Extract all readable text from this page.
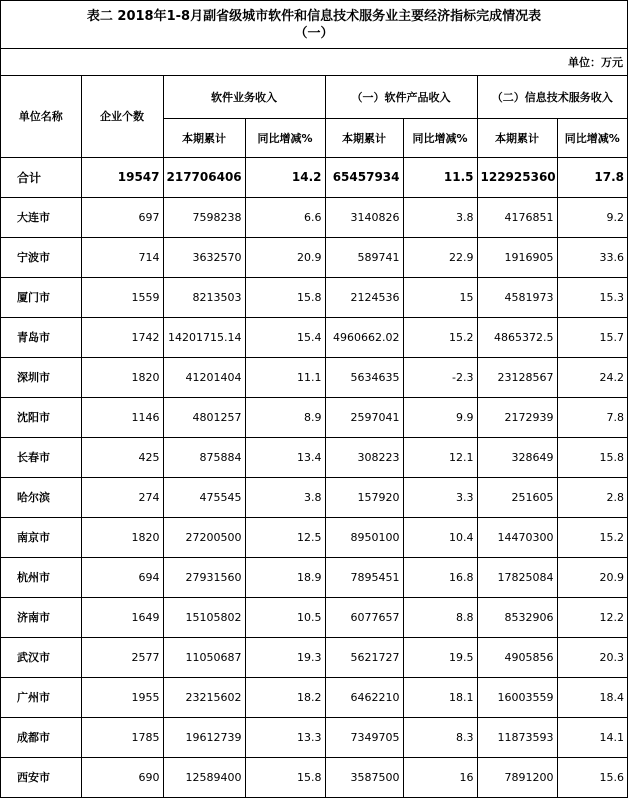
表二 2018年1-8月副省级城市软件和信息技术服务业主要经济指标完成情况表
（一）
单位：万元
单位名称	企业个数	软件业务收入		（一）软件产品收入		（二）信息技术服务收入	
		本期累计	同比增减%	本期累计	同比增减%	本期累计	同比增减%
合计	19547	217706406	14.2	65457934	11.5	122925360	17.8
大连市	697	7598238	6.6	3140826	3.8	4176851	9.2
宁波市	714	3632570	20.9	589741	22.9	1916905	33.6
厦门市	1559	8213503	15.8	2124536	15	4581973	15.3
青岛市	1742	14201715.14	15.4	4960662.02	15.2	4865372.5	15.7
深圳市	1820	41201404	11.1	5634635	-2.3	23128567	24.2
沈阳市	1146	4801257	8.9	2597041	9.9	2172939	7.8
长春市	425	875884	13.4	308223	12.1	328649	15.8
哈尔滨	274	475545	3.8	157920	3.3	251605	2.8
南京市	1820	27200500	12.5	8950100	10.4	14470300	15.2
杭州市	694	27931560	18.9	7895451	16.8	17825084	20.9
济南市	1649	15105802	10.5	6077657	8.8	8532906	12.2
武汉市	2577	11050687	19.3	5621727	19.5	4905856	20.3
广州市	1955	23215602	18.2	6462210	18.1	16003559	18.4
成都市	1785	19612739	13.3	7349705	8.3	11873593	14.1
西安市	690	12589400	15.8	3587500	16	7891200	15.6
